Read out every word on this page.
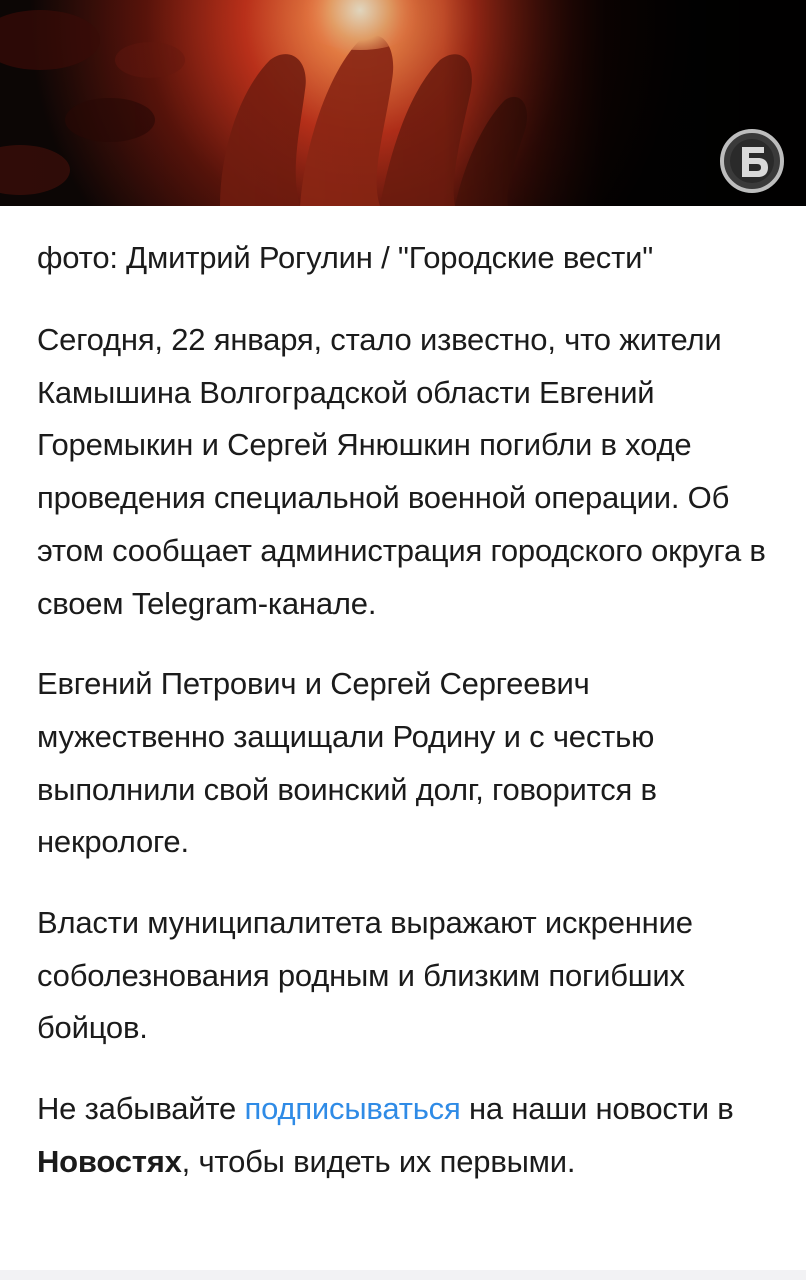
фото: Дмитрий Рогулин / "Городские вести"

Сегодня, 22 января, стало известно, что жители Камышина Волгоградской области Евгений Горемыкин и Сергей Янюшкин погибли в ходе проведения специальной военной операции. Об этом сообщает администрация городского округа в своем Telegram-канале.

Евгений Петрович и Сергей Сергеевич мужественно защищали Родину и с честью выполнили свой воинский долг, говорится в некрологе.

Власти муниципалитета выражают искренние соболезнования родным и близким погибших бойцов.

Не забывайте подписываться на наши новости в Новостях, чтобы видеть их первыми.
